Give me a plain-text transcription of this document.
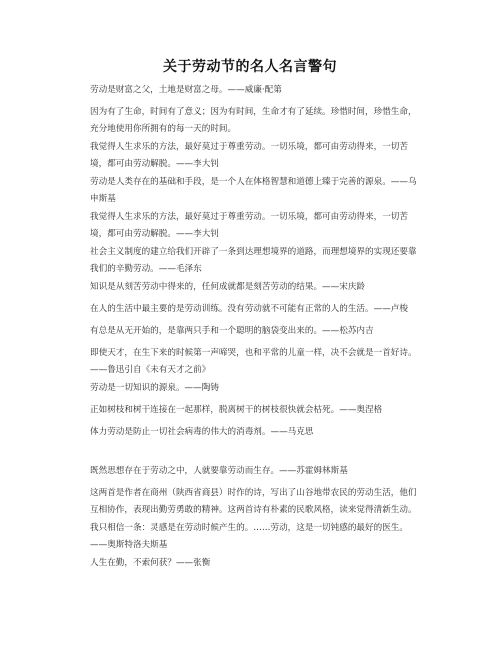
关于劳动节的名人名言警句

劳动是财富之父，土地是财富之母。——威廉·配第

因为有了生命，时间有了意义；因为有时间，生命才有了延续。珍惜时间，珍惜生命，充分地使用你所拥有的每一天的时间。

我觉得人生求乐的方法，最好莫过于尊重劳动。一切乐境，都可由劳动得来，一切苦境，都可由劳动解脱。——李大钊

劳动是人类存在的基础和手段，是一个人在体格智慧和道德上臻于完善的源泉。——乌申斯基

我觉得人生求乐的方法，最好莫过于尊重劳动。一切乐境，都可由劳动得来，一切苦境，都可由劳动解脱。——李大钊

社会主义制度的建立给我们开辟了一条到达理想境界的道路，而理想境界的实现还要靠我们的辛勤劳动。——毛泽东

知识是从刻苦劳动中得来的，任何成就都是刻苦劳动的结果。——宋庆龄

在人的生活中最主要的是劳动训练。没有劳动就不可能有正常的人的生活。——卢梭

有总是从无开始的，是靠两只手和一个聪明的脑袋变出来的。——松苏内吉

即使天才，在生下来的时候第一声啼哭，也和平常的儿童一样，决不会就是一首好诗。——鲁迅引自《未有天才之前》

劳动是一切知识的源泉。——陶铸

正如树枝和树干连接在一起那样，脱离树干的树枝很快就会枯死。——奥涅格

体力劳动是防止一切社会病毒的伟大的消毒剂。——马克思

既然思想存在于劳动之中，人就要靠劳动而生存。——苏霍姆林斯基

这两首是作者在商州（陕西省商县）时作的诗，写出了山谷地带农民的劳动生活，他们互相协作，表现出勤劳勇敢的精神。这两首诗有朴素的民歌风格，读来觉得清新生动。

我只相信一条：灵感是在劳动时候产生的。……劳动，这是一切钝感的最好的医生。——奥斯特洛夫斯基

人生在勤，不索何获？——张衡
